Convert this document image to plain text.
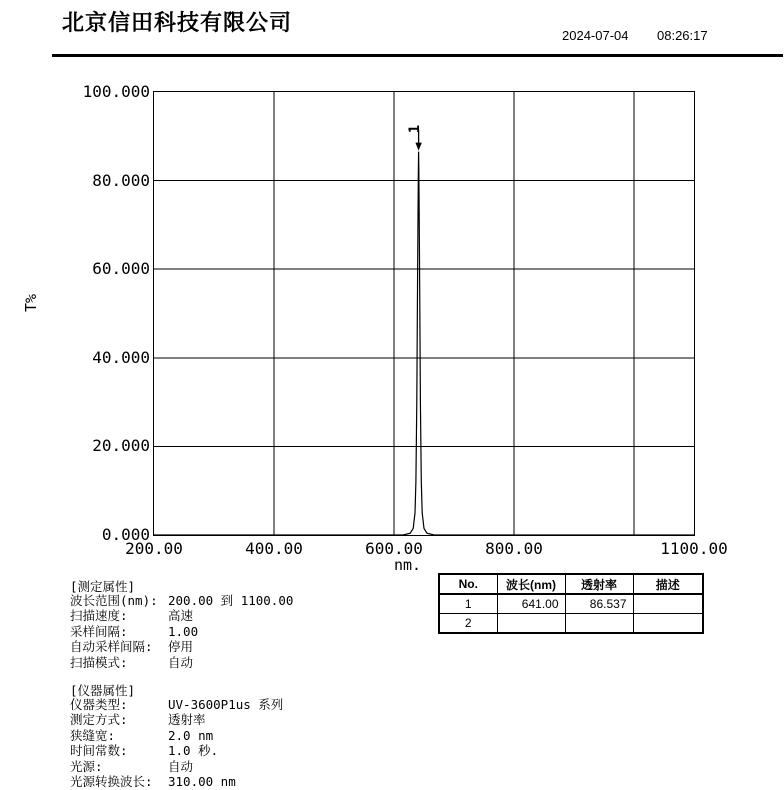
北京信田科技有限公司
2024-07-04 08:26:17
T%
100.000
80.000
60.000
40.000
20.000
0.000
200.00	400.00	600.00	800.00	1100.00
nm.
1
No.	波长(nm)	透射率	描述
1	641.00	86.537	
2			
[测定属性]
波长范围(nm): 200.00 到 1100.00
扫描速度:	高速
采样间隔:	1.00
自动采样间隔: 停用
扫描模式:	自动
[仪器属性]
仪器类型:	UV-3600P1us 系列
测定方式:	透射率
狭缝宽:	2.0 nm
时间常数:	1.0 秒.
光源:	自动
光源转换波长: 310.00 nm
